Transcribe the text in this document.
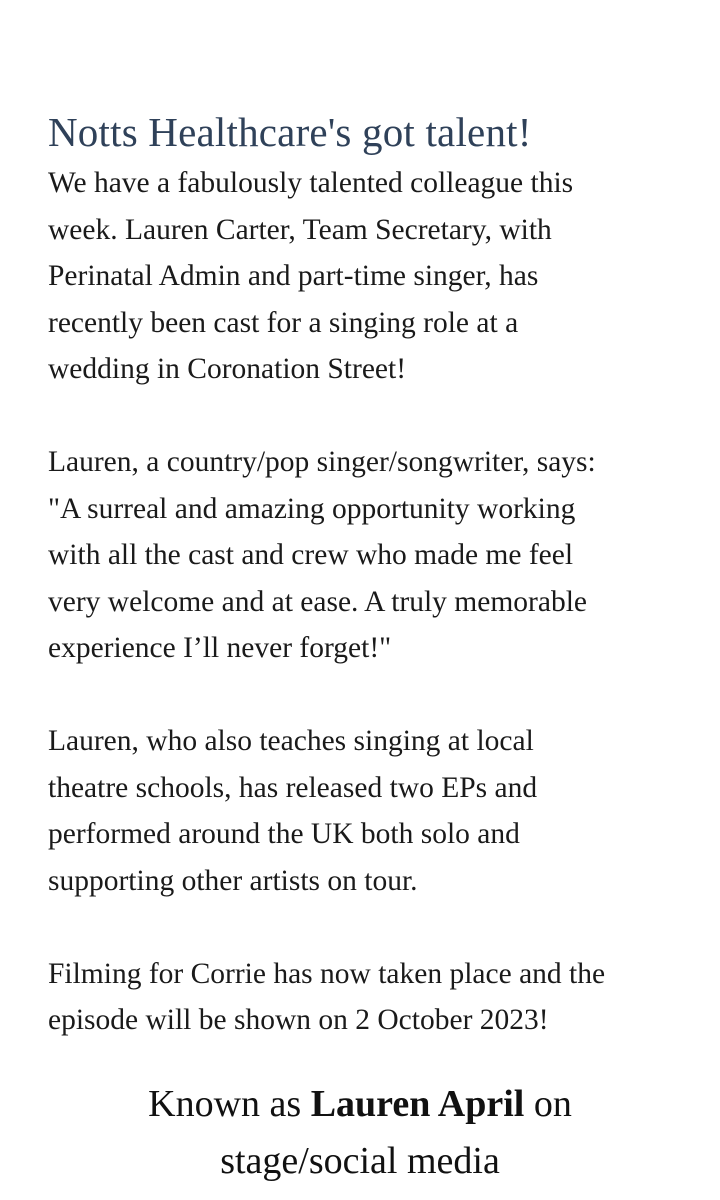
Notts Healthcare's got talent!
We have a fabulously talented colleague this
week. Lauren Carter, Team Secretary, with
Perinatal Admin and part-time singer, has
recently been cast for a singing role at a
wedding in Coronation Street!
Lauren, a country/pop singer/songwriter, says:
"A surreal and amazing opportunity working
with all the cast and crew who made me feel
very welcome and at ease. A truly memorable
experience I’ll never forget!"
Lauren, who also teaches singing at local
theatre schools, has released two EPs and
performed around the UK both solo and
supporting other artists on tour.
Filming for Corrie has now taken place and the
episode will be shown on 2 October 2023!
Known as Lauren April on
stage/social media
